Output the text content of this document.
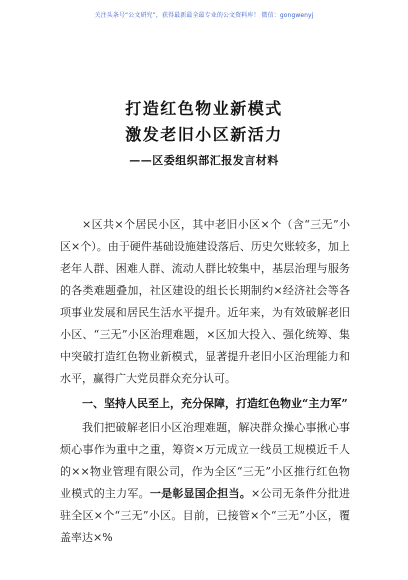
关注头条号“公文研究”，获得最新最全最专业的公文资料库！ 微信：gongwenyj
打造红色物业新模式
激发老旧小区新活力
——区委组织部汇报发言材料

×区共×个居民小区，其中老旧小区×个（含“三无”小区×个）。由于硬件基础设施建设落后、历史欠账较多，加上老年人群、困难人群、流动人群比较集中，基层治理与服务的各类难题叠加，社区建设的组长长期制约×经济社会等各项事业发展和居民生活水平提升。近年来，为有效破解老旧小区、“三无”小区治理难题，×区加大投入、强化统筹、集中突破打造红色物业新模式，显著提升老旧小区治理能力和水平，赢得广大党员群众充分认可。

一、坚持人民至上，充分保障，打造红色物业“主力军”

我们把破解老旧小区治理难题，解决群众操心事揪心事烦心事作为重中之重，筹资×万元成立一线员工规模近千人的××物业管理有限公司，作为全区“三无”小区推行红色物业模式的主力军。一是彰显国企担当。×公司无条件分批进驻全区×个“三无”小区。目前，已接管×个“三无”小区，覆盖率达×%
